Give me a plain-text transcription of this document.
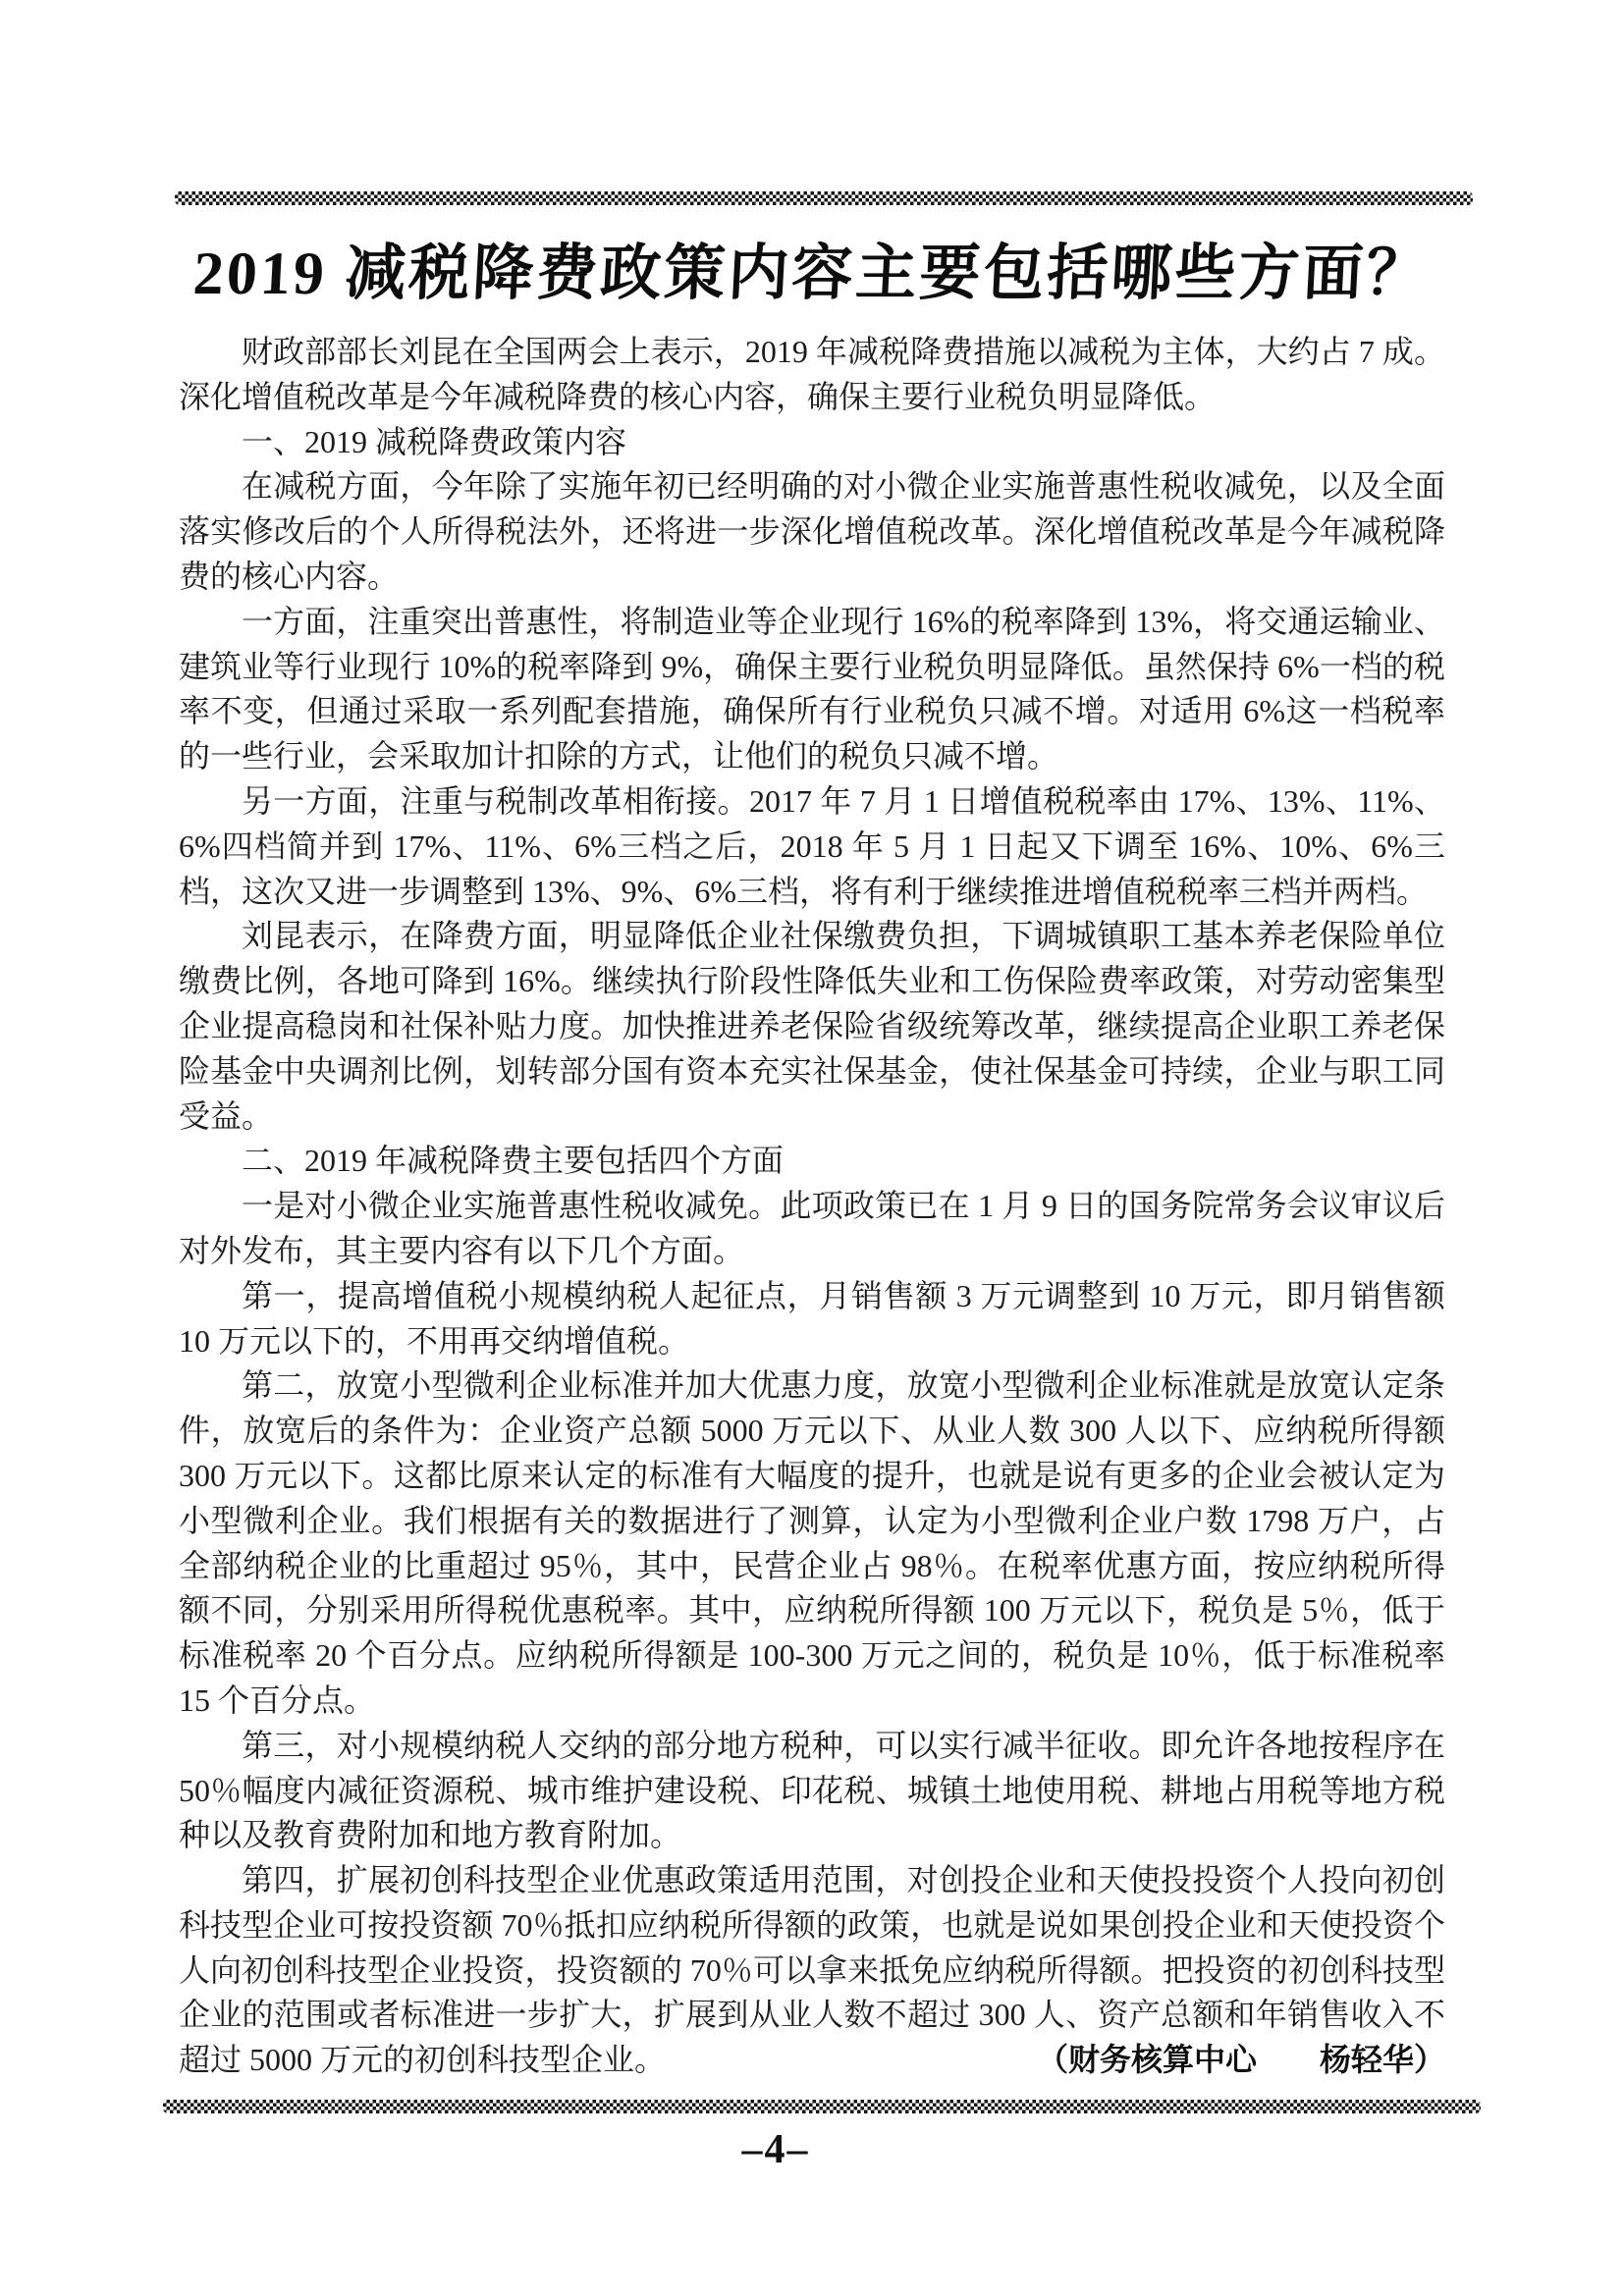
2019 减税降费政策内容主要包括哪些方面？

财政部部长刘昆在全国两会上表示，2019 年减税降费措施以减税为主体，大约占 7 成。深化增值税改革是今年减税降费的核心内容，确保主要行业税负明显降低。

一、2019 减税降费政策内容

在减税方面，今年除了实施年初已经明确的对小微企业实施普惠性税收减免，以及全面落实修改后的个人所得税法外，还将进一步深化增值税改革。深化增值税改革是今年减税降费的核心内容。

一方面，注重突出普惠性，将制造业等企业现行 16%的税率降到 13%，将交通运输业、建筑业等行业现行 10%的税率降到 9%，确保主要行业税负明显降低。虽然保持 6%一档的税率不变，但通过采取一系列配套措施，确保所有行业税负只减不增。对适用 6%这一档税率的一些行业，会采取加计扣除的方式，让他们的税负只减不增。

另一方面，注重与税制改革相衔接。2017 年 7 月 1 日增值税税率由 17%、13%、11%、6%四档简并到 17%、11%、6%三档之后，2018 年 5 月 1 日起又下调至 16%、10%、6%三档，这次又进一步调整到 13%、9%、6%三档，将有利于继续推进增值税税率三档并两档。

刘昆表示，在降费方面，明显降低企业社保缴费负担，下调城镇职工基本养老保险单位缴费比例，各地可降到 16%。继续执行阶段性降低失业和工伤保险费率政策，对劳动密集型企业提高稳岗和社保补贴力度。加快推进养老保险省级统筹改革，继续提高企业职工养老保险基金中央调剂比例，划转部分国有资本充实社保基金，使社保基金可持续，企业与职工同受益。

二、2019 年减税降费主要包括四个方面

一是对小微企业实施普惠性税收减免。此项政策已在 1 月 9 日的国务院常务会议审议后对外发布，其主要内容有以下几个方面。

第一，提高增值税小规模纳税人起征点，月销售额 3 万元调整到 10 万元，即月销售额 10 万元以下的，不用再交纳增值税。

第二，放宽小型微利企业标准并加大优惠力度，放宽小型微利企业标准就是放宽认定条件，放宽后的条件为：企业资产总额 5000 万元以下、从业人数 300 人以下、应纳税所得额 300 万元以下。这都比原来认定的标准有大幅度的提升，也就是说有更多的企业会被认定为小型微利企业。我们根据有关的数据进行了测算，认定为小型微利企业户数 1798 万户，占全部纳税企业的比重超过 95％，其中，民营企业占 98％。在税率优惠方面，按应纳税所得额不同，分别采用所得税优惠税率。其中，应纳税所得额 100 万元以下，税负是 5％，低于标准税率 20 个百分点。应纳税所得额是 100-300 万元之间的，税负是 10％，低于标准税率 15 个百分点。

第三，对小规模纳税人交纳的部分地方税种，可以实行减半征收。即允许各地按程序在 50％幅度内减征资源税、城市维护建设税、印花税、城镇土地使用税、耕地占用税等地方税种以及教育费附加和地方教育附加。

第四，扩展初创科技型企业优惠政策适用范围，对创投企业和天使投投资个人投向初创科技型企业可按投资额 70％抵扣应纳税所得额的政策，也就是说如果创投企业和天使投资个人向初创科技型企业投资，投资额的 70％可以拿来抵免应纳税所得额。把投资的初创科技型企业的范围或者标准进一步扩大，扩展到从业人数不超过 300 人、资产总额和年销售收入不超过 5000 万元的初创科技型企业。	（财务核算中心　　杨轻华）

–4–
